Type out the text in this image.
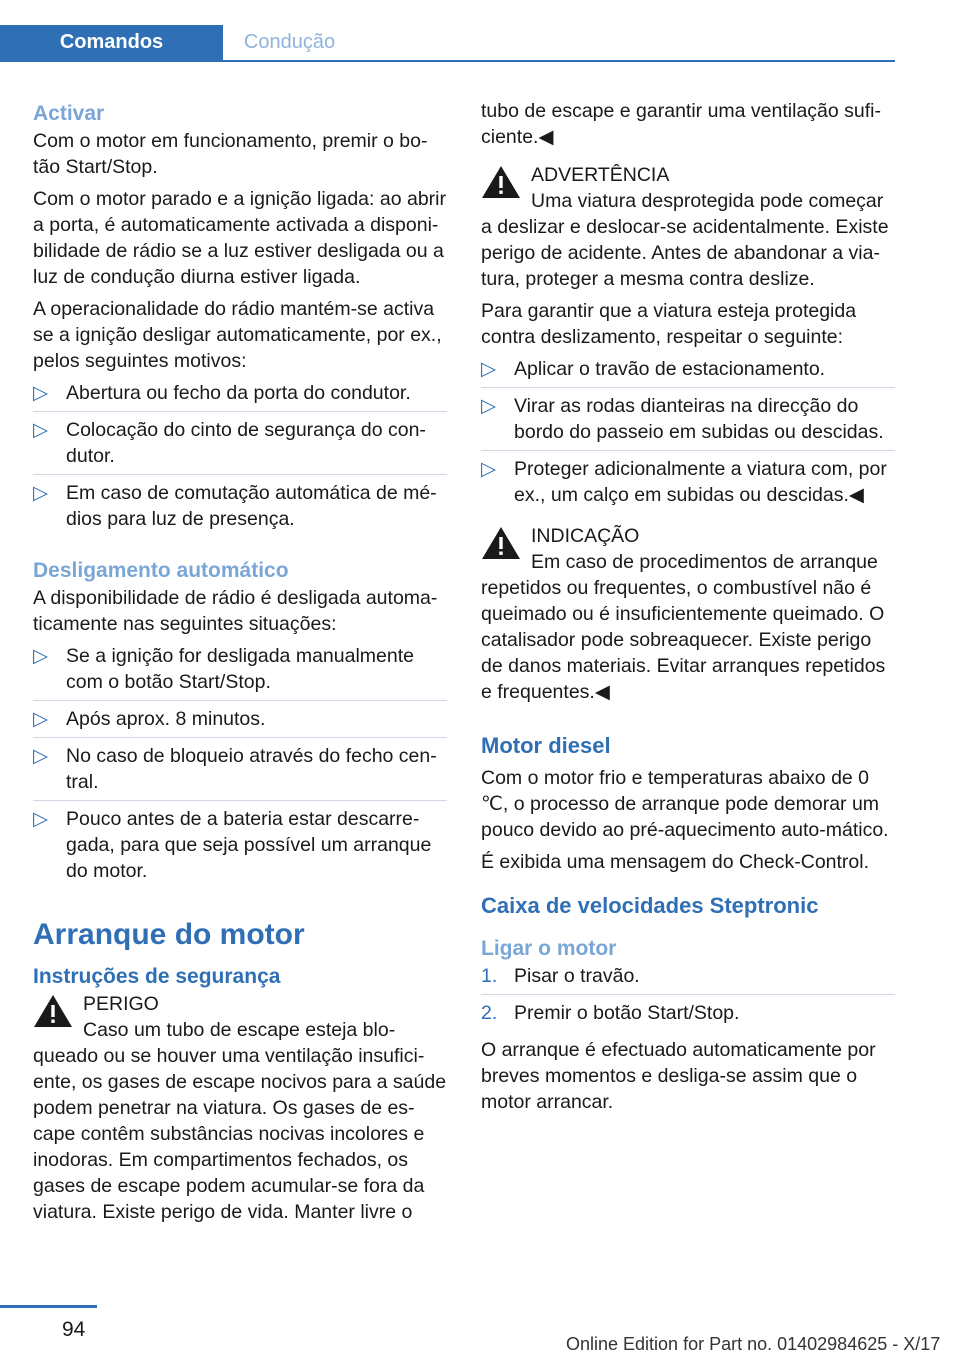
Comandos	Condução
Activar

Com o motor em funcionamento, premir o bo-tão Start/Stop.

Com o motor parado e a ignição ligada: ao abrir a porta, é automaticamente activada a disponi-bilidade de rádio se a luz estiver desligada ou a luz de condução diurna estiver ligada.

A operacionalidade do rádio mantém-se activa se a ignição desligar automaticamente, por ex., pelos seguintes motivos:

▷ Abertura ou fecho da porta do condutor.
▷ Colocação do cinto de segurança do con-dutor.
▷ Em caso de comutação automática de mé-dios para luz de presença.
Desligamento automático

A disponibilidade de rádio é desligada automa-ticamente nas seguintes situações:

▷ Se a ignição for desligada manualmente com o botão Start/Stop.
▷ Após aprox. 8 minutos.
▷ No caso de bloqueio através do fecho cen-tral.
▷ Pouco antes de a bateria estar descarre-gada, para que seja possível um arranque do motor.
Arranque do motor
Instruções de segurança
PERIGO
Caso um tubo de escape esteja blo-queado ou se houver uma ventilação insufici-ente, os gases de escape nocivos para a saúde podem penetrar na viatura. Os gases de es-cape contêm substâncias nocivas incolores e inodoras. Em compartimentos fechados, os gases de escape podem acumular-se fora da viatura. Existe perigo de vida. Manter livre o

tubo de escape e garantir uma ventilação sufi-ciente.◀

ADVERTÊNCIA
Uma viatura desprotegida pode começar a deslizar e deslocar-se acidentalmente. Existe perigo de acidente. Antes de abandonar a via-tura, proteger a mesma contra deslize.

Para garantir que a viatura esteja protegida contra deslizamento, respeitar o seguinte:

▷ Aplicar o travão de estacionamento.
▷ Virar as rodas dianteiras na direcção do bordo do passeio em subidas ou descidas.
▷ Proteger adicionalmente a viatura com, por ex., um calço em subidas ou descidas.◀
INDICAÇÃO
Em caso de procedimentos de arranque repetidos ou frequentes, o combustível não é queimado ou é insuficientemente queimado. O catalisador pode sobreaquecer. Existe perigo de danos materiais. Evitar arranques repetidos e frequentes.◀
Motor diesel

Com o motor frio e temperaturas abaixo de 0 ℃, o processo de arranque pode demorar um pouco devido ao pré-aquecimento auto-mático.

É exibida uma mensagem do Check-Control.

Caixa de velocidades Steptronic
Ligar o motor
1. Pisar o travão.
2. Premir o botão Start/Stop.

O arranque é efectuado automaticamente por breves momentos e desliga-se assim que o motor arrancar.

94
Online Edition for Part no. 01402984625 - X/17
